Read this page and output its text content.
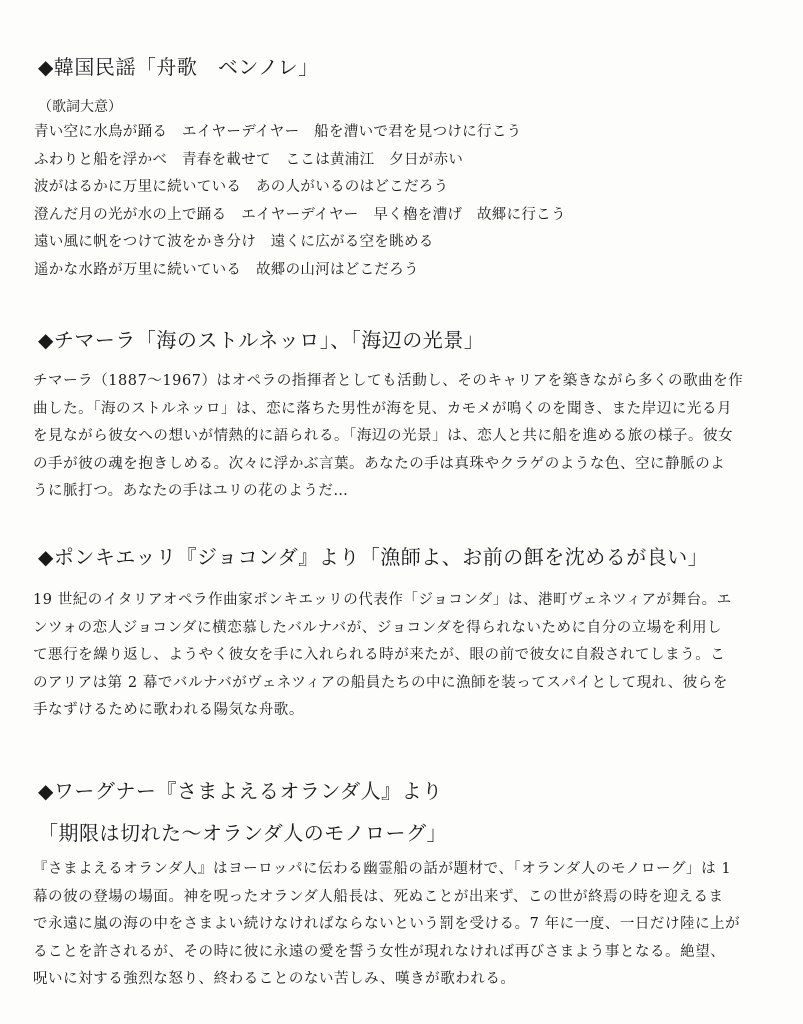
◆韓国民謡「舟歌　ベンノレ」
（歌詞大意）
青い空に水鳥が踊る　エイヤーデイヤー　船を漕いで君を見つけに行こう
ふわりと船を浮かべ　青春を載せて　ここは黄浦江　夕日が赤い
波がはるかに万里に続いている　あの人がいるのはどこだろう
澄んだ月の光が水の上で踊る　エイヤーデイヤー　早く櫓を漕げ　故郷に行こう
遠い風に帆をつけて波をかき分け　遠くに広がる空を眺める
遥かな水路が万里に続いている　故郷の山河はどこだろう
◆チマーラ「海のストルネッロ」、「海辺の光景」
チマーラ（1887～1967）はオペラの指揮者としても活動し、そのキャリアを築きながら多くの歌曲を作
曲した。「海のストルネッロ」は、恋に落ちた男性が海を見、カモメが鳴くのを聞き、また岸辺に光る月
を見ながら彼女への想いが情熱的に語られる。「海辺の光景」は、恋人と共に船を進める旅の様子。彼女
の手が彼の魂を抱きしめる。次々に浮かぶ言葉。あなたの手は真珠やクラゲのような色、空に静脈のよ
うに脈打つ。あなたの手はユリの花のようだ…
◆ポンキエッリ『ジョコンダ』より「漁師よ、お前の餌を沈めるが良い」
19 世紀のイタリアオペラ作曲家ポンキエッリの代表作「ジョコンダ」は、港町ヴェネツィアが舞台。エ
ンツォの恋人ジョコンダに横恋慕したバルナバが、ジョコンダを得られないために自分の立場を利用し
て悪行を繰り返し、ようやく彼女を手に入れられる時が来たが、眼の前で彼女に自殺されてしまう。こ
のアリアは第 2 幕でバルナバがヴェネツィアの船員たちの中に漁師を装ってスパイとして現れ、彼らを
手なずけるために歌われる陽気な舟歌。
◆ワーグナー『さまよえるオランダ人』より
「期限は切れた～オランダ人のモノローグ」
『さまよえるオランダ人』はヨーロッパに伝わる幽霊船の話が題材で、「オランダ人のモノローグ」は 1
幕の彼の登場の場面。神を呪ったオランダ人船長は、死ぬことが出来ず、この世が終焉の時を迎えるま
で永遠に嵐の海の中をさまよい続けなければならないという罰を受ける。7 年に一度、一日だけ陸に上が
ることを許されるが、その時に彼に永遠の愛を誓う女性が現れなければ再びさまよう事となる。絶望、
呪いに対する強烈な怒り、終わることのない苦しみ、嘆きが歌われる。
